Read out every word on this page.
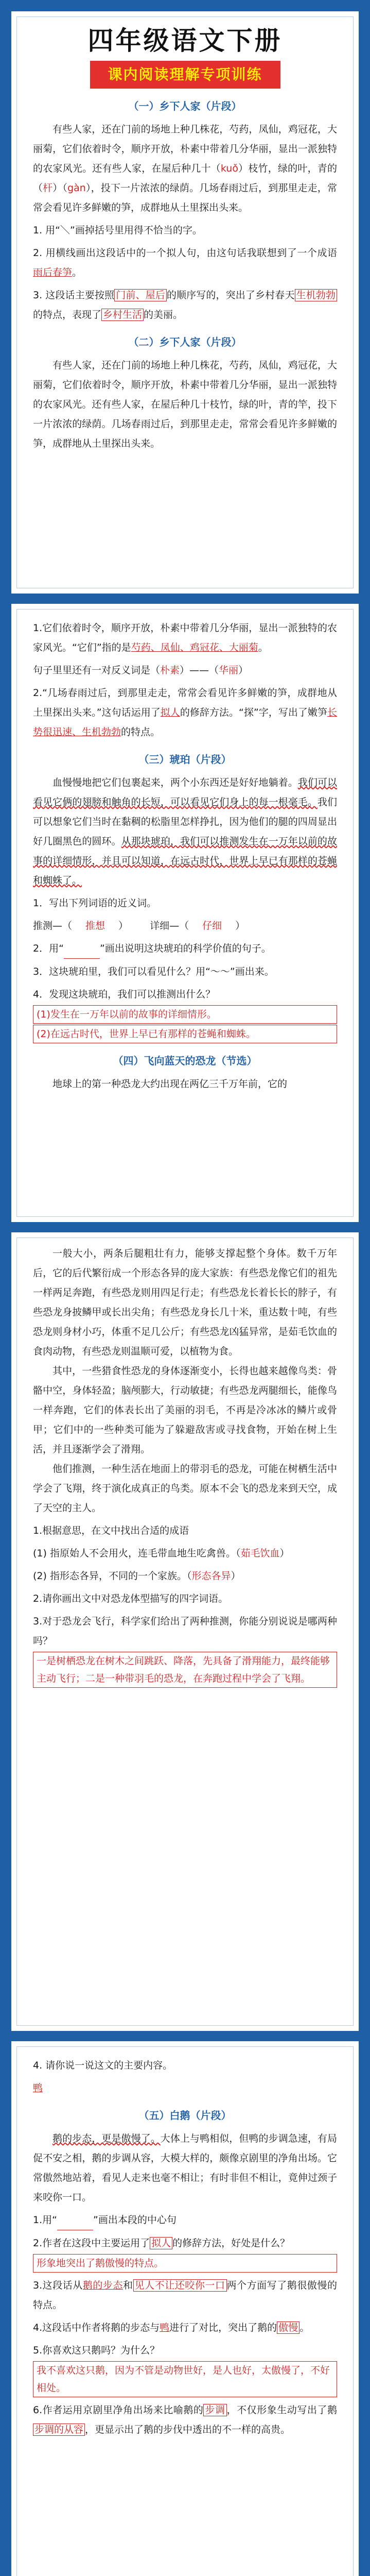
四年级语文下册
课内阅读理解专项训练
（一）乡下人家（片段）

有些人家，还在门前的场地上种几株花，芍药，凤仙，鸡冠花，大丽菊，它们依着时令，顺序开放，朴素中带着几分华丽，显出一派独特的农家风光。还有些人家，在屋后种几十（kuǒ）枝竹，绿的叶，青的（杆）（gàn），投下一片浓浓的绿荫。几场春雨过后，到那里走走，常常会看见许多鲜嫩的笋，成群地从土里探出头来。

1. 用“＼”画掉括号里用得不恰当的字。

2. 用横线画出这段话中的一个拟人句，由这句话我联想到了一个成语雨后春笋。

3. 这段话主要按照 门前、屋后 的顺序写的，突出了乡村春天 生机勃勃的特点，表现了 乡村生活 的美丽。

（二）乡下人家（片段）

有些人家，还在门前的场地上种几株花，芍药，凤仙，鸡冠花，大丽菊，它们依着时令，顺序开放，朴素中带着几分华丽，显出一派独特的农家风光。还有些人家，在屋后种几十枝竹，绿的叶，青的竿，投下一片浓浓的绿荫。几场春雨过后，到那里走走，常常会看见许多鲜嫩的笋，成群地从土里探出头来。

1.它们依着时令，顺序开放，朴素中带着几分华丽，显出一派独特的农家风光。“它们”指的是芍药、凤仙、鸡冠花、大丽菊。

句子里里还有一对反义词是（朴素）——（华丽）

2.“几场春雨过后，到那里走走，常常会看见许多鲜嫩的笋，成群地从土里探出头来。”这句话运用了拟人的修辞方法。“探”字，写出了嫩笋长势很迅速、生机勃勃的特点。

（三）琥珀（片段）

血慢慢地把它们包裹起来，两个小东西还是好好地躺着。我们可以看见它俩的翅膀和触角的长短，可以看见它们身上的每一根毫毛。我们可以想象它们当时在黏稠的松脂里怎样挣扎，因为他们的腿的四周显出好几圈黑色的圆环。从那块琥珀，我们可以推测发生在一万年以前的故事的详细情形，并且可以知道，在远古时代，世界上早已有那样的苍蝇和蜘蛛了。

1．写出下列词语的近义词。

推测—（ 推想 ） 详细—（ 仔细 ）

2．用“	”画出说明这块琥珀的科学价值的句子。

3．这块琥珀里，我们可以看见什么？用“～～”画出来。

4．发现这块琥珀，我们可以推测出什么？

(1)发生在一万年以前的故事的详细情形。
(2)在远古时代，世界上早已有那样的苍蝇和蜘蛛。
（四）飞向蓝天的恐龙（节选）

地球上的第一种恐龙大约出现在两亿三千万年前，它的

一般大小，两条后腿粗壮有力，能够支撑起整个身体。数千万年后，它的后代繁衍成一个形态各异的庞大家族：有些恐龙像它们的祖先一样两足奔跑，有些恐龙则用四足行走；有些恐龙长着长长的脖子，有些恐龙身披鳞甲或长出尖角；有些恐龙身长几十米，重达数十吨，有些恐龙则身材小巧，体重不足几公斤；有些恐龙凶猛异常，是茹毛饮血的食肉动物，有些恐龙则温顺可爱，以植物为食。

其中，一些猎食性恐龙的身体逐渐变小，长得也越来越像鸟类：骨骼中空，身体轻盈；脑颅膨大，行动敏捷；有些恐龙两腿细长，能像鸟一样奔跑，它们的体表长出了美丽的羽毛，不再是冷冰冰的鳞片或骨甲；它们中的一些种类可能为了躲避敌害或寻找食物，开始在树上生活，并且逐渐学会了滑翔。

他们推测，一种生活在地面上的带羽毛的恐龙，可能在树栖生活中学会了飞翔，终于演化成真正的鸟类。原本不会飞的恐龙来到天空，成了天空的主人。

1.根据意思，在文中找出合适的成语

(1) 指原始人不会用火，连毛带血地生吃禽兽。（茹毛饮血）

(2) 指形态各异，不同的一个家族。（形态各异）

2.请你画出文中对恐龙体型描写的四字词语。

3.对于恐龙会飞行，科学家们给出了两种推测，你能分别说说是哪两种吗？

一是树栖恐龙在树木之间跳跃、降落，先具备了滑翔能力，最终能够主动飞行；二是一种带羽毛的恐龙，在奔跑过程中学会了飞翔。

4. 请你说一说这文的主要内容。

鸭

（五）白鹅（片段）

鹅的步态，更是傲慢了。大体上与鸭相似，但鸭的步调急速，有局促不安之相，鹅的步调从容，大模大样的，颇像京剧里的净角出场。它常傲然地站着，看见人走来也毫不相让；有时非但不相让，竟伸过颈子来咬你一口。

1.用“	”画出本段的中心句

2.作者在这段中主要运用了 拟人 的修辞方法，好处是什么？

形象地突出了鹅傲慢的特点。

3.这段话从鹅的步态和 见人不让还咬你一口 两个方面写了鹅很傲慢的特点。

4.这段话中作者将鹅的步态与鸭进行了对比，突出了鹅的 傲慢 。

5.你喜欢这只鹅吗？为什么？

我不喜欢这只鹅，因为不管是动物世好，是人也好，太傲慢了，不好相处。

6.作者运用京剧里净角出场来比喻鹅的 步调 ，不仅形象生动写出了鹅步调的从容 ，更显示出了鹅的步伐中透出的不一样的高贵。
